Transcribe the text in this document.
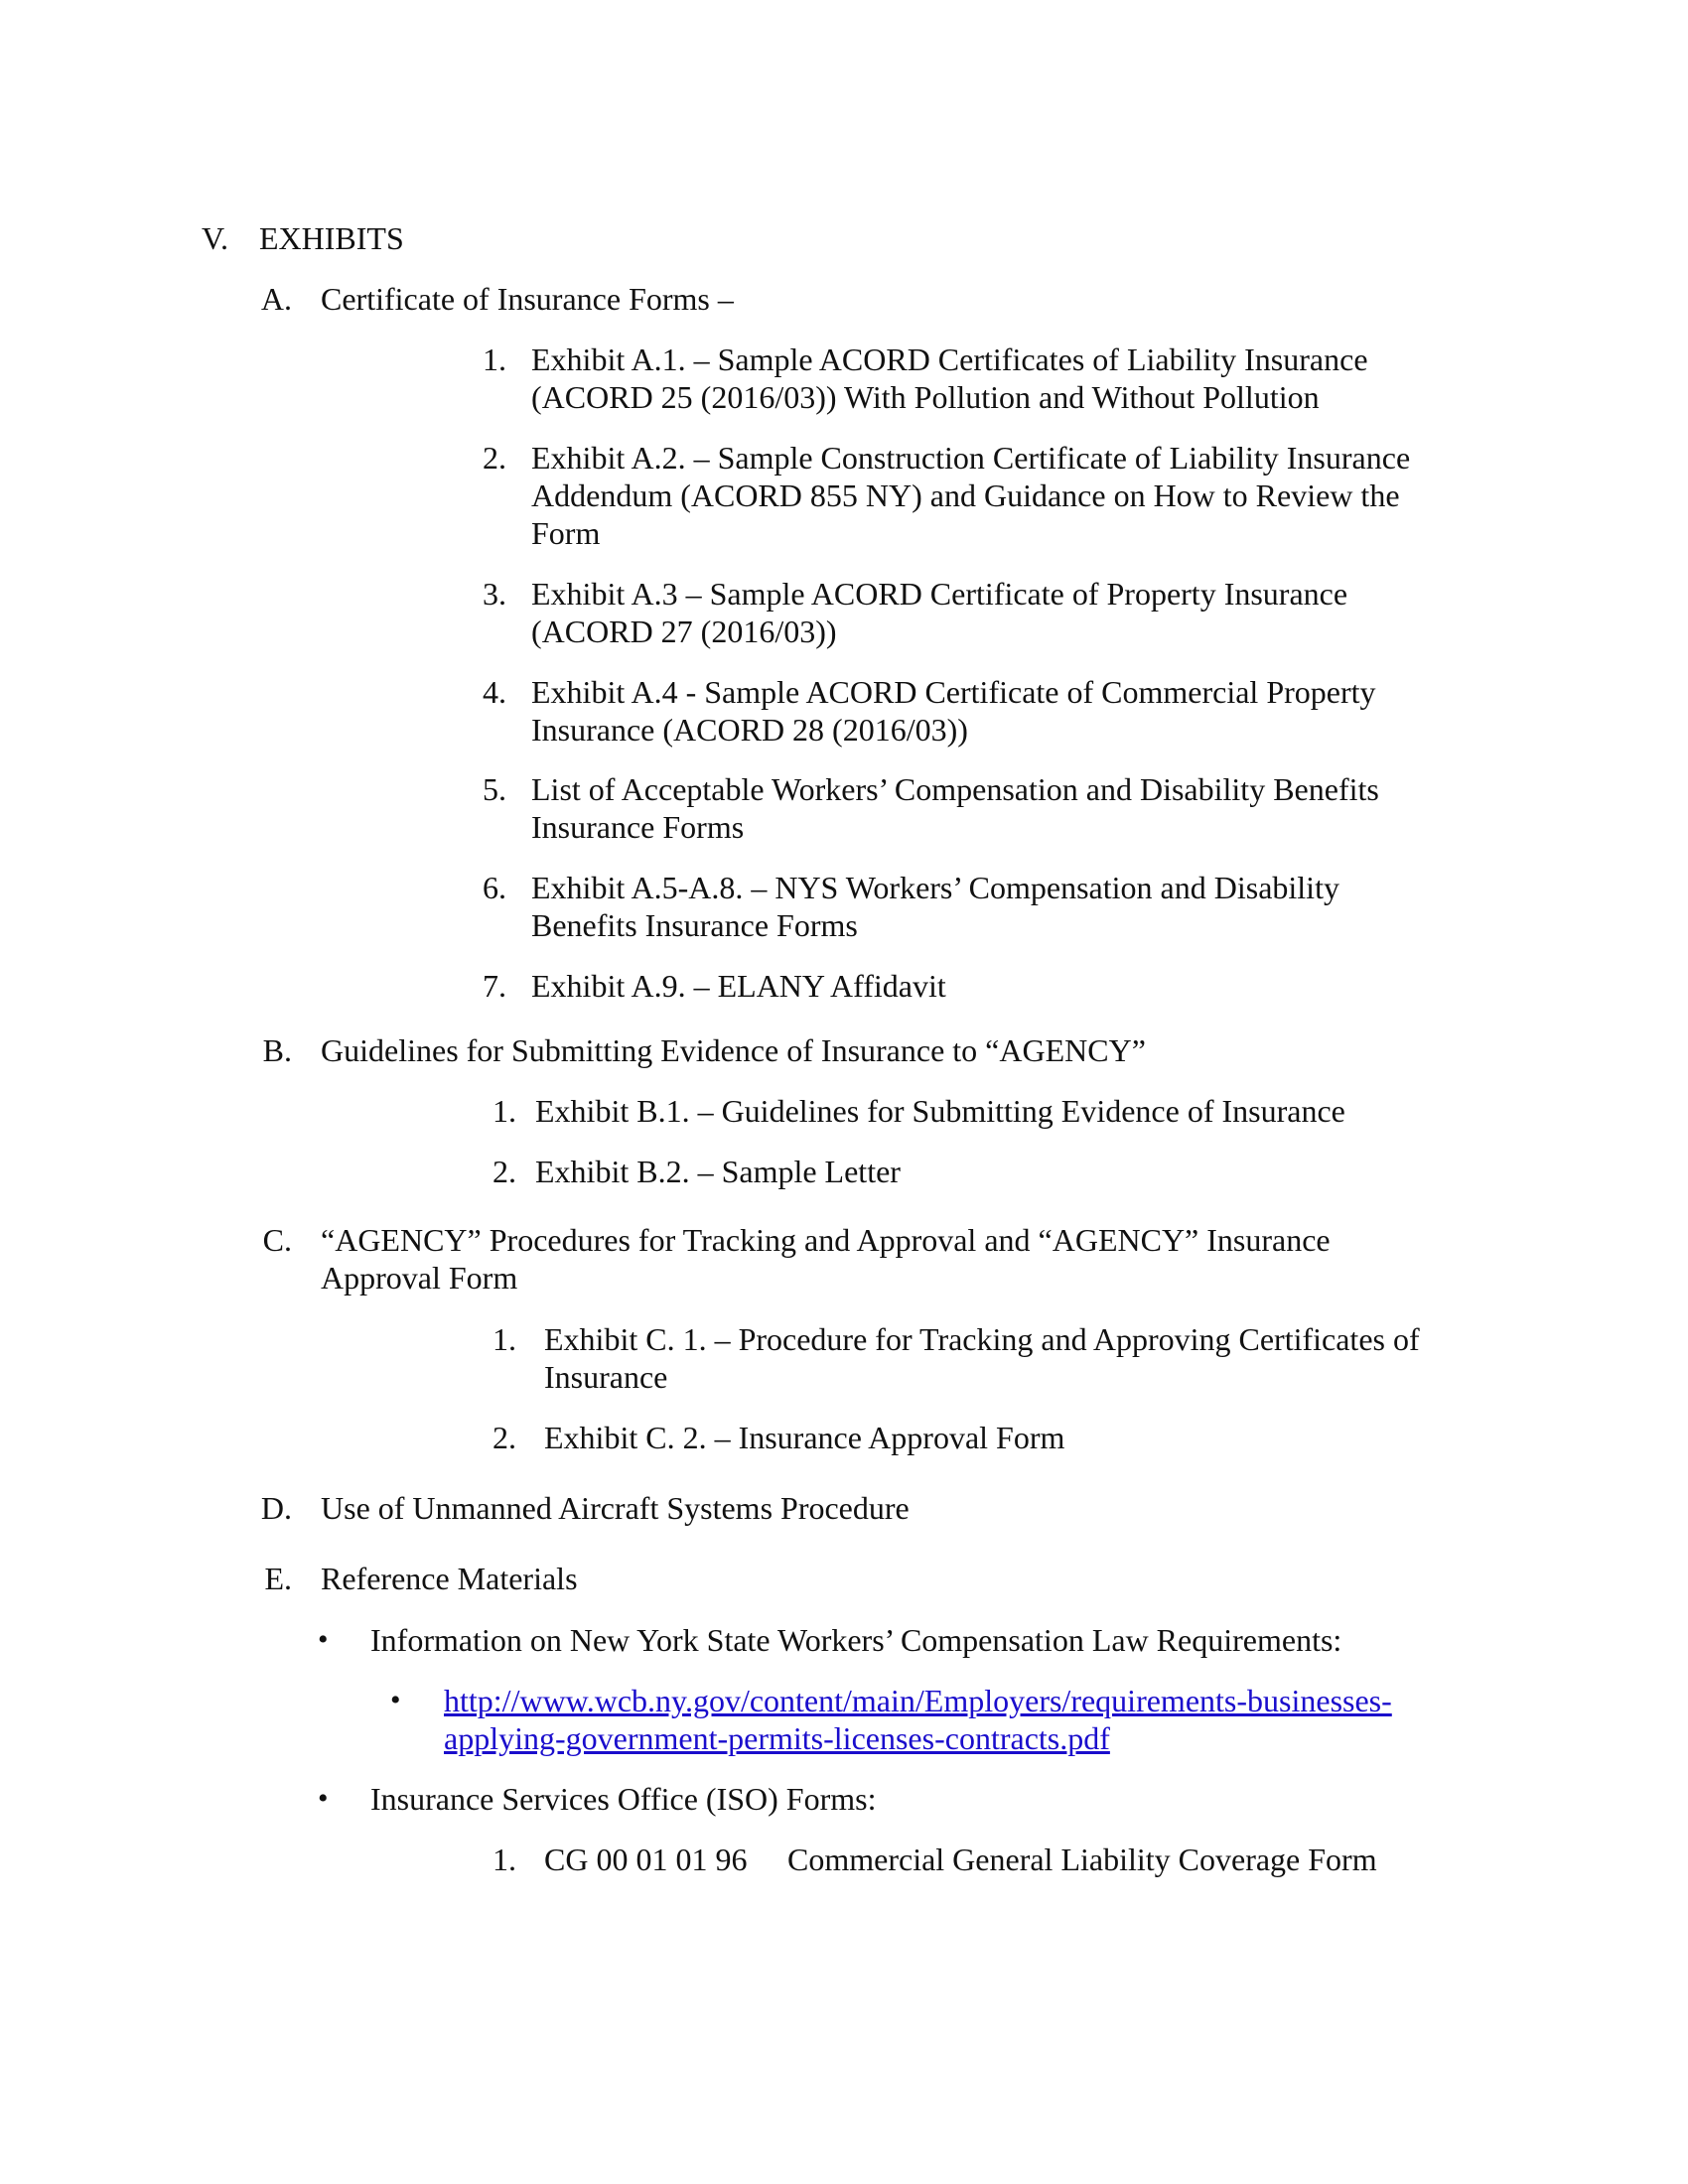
V. EXHIBITS
A. Certificate of Insurance Forms –
1. Exhibit A.1. – Sample ACORD Certificates of Liability Insurance
(ACORD 25 (2016/03)) With Pollution and Without Pollution
2. Exhibit A.2. – Sample Construction Certificate of Liability Insurance
Addendum (ACORD 855 NY) and Guidance on How to Review the
Form
3. Exhibit A.3 – Sample ACORD Certificate of Property Insurance
(ACORD 27 (2016/03))
4. Exhibit A.4 - Sample ACORD Certificate of Commercial Property
Insurance (ACORD 28 (2016/03))
5. List of Acceptable Workers’ Compensation and Disability Benefits
Insurance Forms
6. Exhibit A.5-A.8. – NYS Workers’ Compensation and Disability
Benefits Insurance Forms
7. Exhibit A.9. – ELANY Affidavit
B. Guidelines for Submitting Evidence of Insurance to “AGENCY”
1. Exhibit B.1. – Guidelines for Submitting Evidence of Insurance
2. Exhibit B.2. – Sample Letter
C. “AGENCY” Procedures for Tracking and Approval and “AGENCY” Insurance
Approval Form
1. Exhibit C. 1. – Procedure for Tracking and Approving Certificates of
Insurance
2. Exhibit C. 2. – Insurance Approval Form
D. Use of Unmanned Aircraft Systems Procedure
E. Reference Materials
• Information on New York State Workers’ Compensation Law Requirements:
• http://www.wcb.ny.gov/content/main/Employers/requirements-businesses-
applying-government-permits-licenses-contracts.pdf
• Insurance Services Office (ISO) Forms:
1. CG 00 01 01 96 Commercial General Liability Coverage Form
